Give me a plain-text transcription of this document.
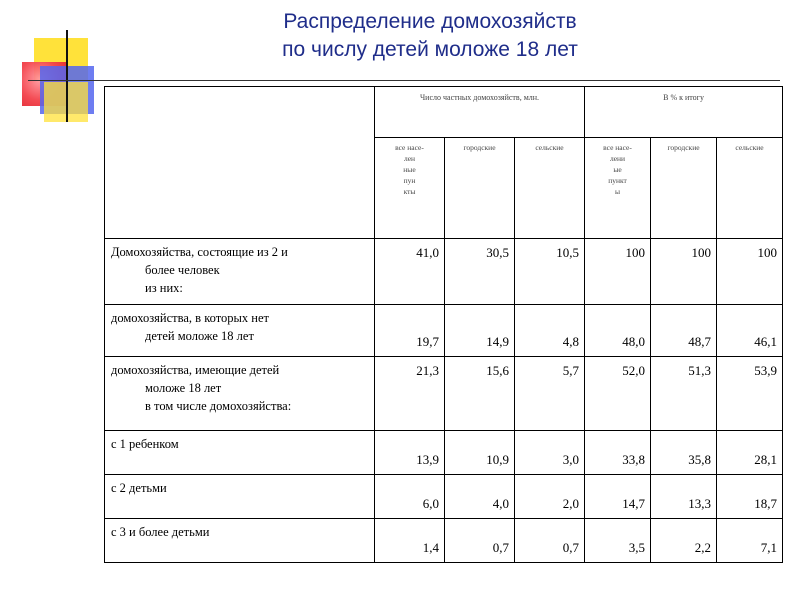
Распределение домохозяйств
по числу детей моложе 18 лет
	Число частных домохозяйств, млн.			В % к итогу		

	все насе-
лен
ные
пун
кты	городские	сельские	все насе-
лени
ые
пункт
ы	городские	сельские

Домохозяйства, состоящие из 2 и
более человек
из них:	41,0	30,5	10,5	100	100	100

домохозяйства, в которых нет
детей моложе 18 лет	19,7	14,9	4,8	48,0	48,7	46,1

домохозяйства, имеющие детей
моложе 18 лет
в том числе домохозяйства:	21,3	15,6	5,7	52,0	51,3	53,9

с 1 ребенком	13,9	10,9	3,0	33,8	35,8	28,1

с 2 детьми	6,0	4,0	2,0	14,7	13,3	18,7

с 3 и более детьми	1,4	0,7	0,7	3,5	2,2	7,1
